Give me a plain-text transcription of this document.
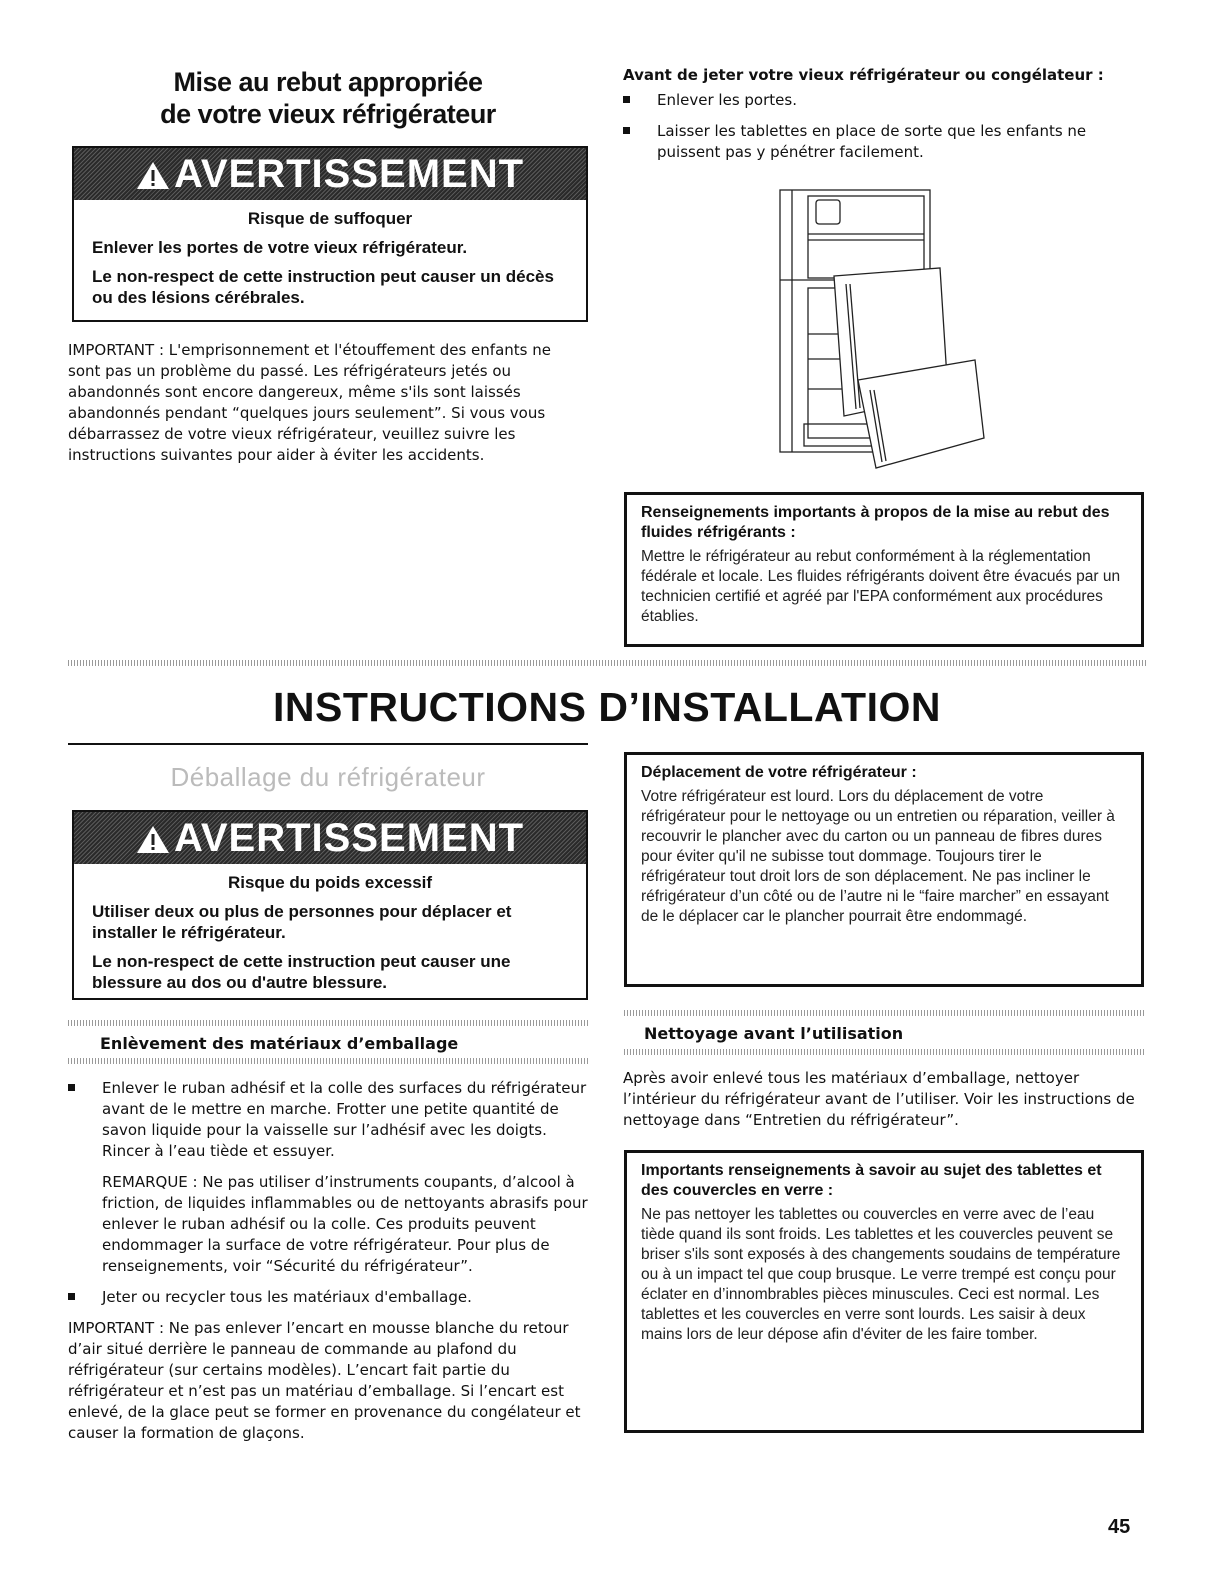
Mise au rebut appropriée
de votre vieux réfrigérateur
AVERTISSEMENT
Risque de suffoquer

Enlever les portes de votre vieux réfrigérateur.

Le non-respect de cette instruction peut causer un décès ou des lésions cérébrales.

IMPORTANT : L'emprisonnement et l'étouffement des enfants ne sont pas un problème du passé. Les réfrigérateurs jetés ou abandonnés sont encore dangereux, même s'ils sont laissés abandonnés pendant “quelques jours seulement”. Si vous vous débarrassez de votre vieux réfrigérateur, veuillez suivre les instructions suivantes pour aider à éviter les accidents.
Avant de jeter votre vieux réfrigérateur ou congélateur :
Enlever les portes.
Laisser les tablettes en place de sorte que les enfants ne puissent pas y pénétrer facilement.
Renseignements importants à propos de la mise au rebut des fluides réfrigérants :
Mettre le réfrigérateur au rebut conformément à la réglementation fédérale et locale. Les fluides réfrigérants doivent être évacués par un technicien certifié et agréé par l'EPA conformément aux procédures établies.
INSTRUCTIONS D’INSTALLATION
Déballage du réfrigérateur
AVERTISSEMENT
Risque du poids excessif

Utiliser deux ou plus de personnes pour déplacer et installer le réfrigérateur.

Le non-respect de cette instruction peut causer une blessure au dos ou d'autre blessure.

Enlèvement des matériaux d’emballage
Enlever le ruban adhésif et la colle des surfaces du réfrigérateur avant de le mettre en marche. Frotter une petite quantité de savon liquide pour la vaisselle sur l’adhésif avec les doigts. Rincer à l’eau tiède et essuyer.
REMARQUE : Ne pas utiliser d’instruments coupants, d’alcool à friction, de liquides inflammables ou de nettoyants abrasifs pour enlever le ruban adhésif ou la colle. Ces produits peuvent endommager la surface de votre réfrigérateur. Pour plus de renseignements, voir “Sécurité du réfrigérateur”.
Jeter ou recycler tous les matériaux d'emballage.
IMPORTANT : Ne pas enlever l’encart en mousse blanche du retour d’air situé derrière le panneau de commande au plafond du réfrigérateur (sur certains modèles). L’encart fait partie du réfrigérateur et n’est pas un matériau d’emballage. Si l’encart est enlevé, de la glace peut se former en provenance du congélateur et causer la formation de glaçons.
Déplacement de votre réfrigérateur :
Votre réfrigérateur est lourd. Lors du déplacement de votre réfrigérateur pour le nettoyage ou un entretien ou réparation, veiller à recouvrir le plancher avec du carton ou un panneau de fibres dures pour éviter qu'il ne subisse tout dommage. Toujours tirer le réfrigérateur tout droit lors de son déplacement. Ne pas incliner le réfrigérateur d’un côté ou de l’autre ni le “faire marcher” en essayant de le déplacer car le plancher pourrait être endommagé.
Nettoyage avant l’utilisation
Après avoir enlevé tous les matériaux d’emballage, nettoyer l’intérieur du réfrigérateur avant de l’utiliser. Voir les instructions de nettoyage dans “Entretien du réfrigérateur”.
Importants renseignements à savoir au sujet des tablettes et des couvercles en verre :
Ne pas nettoyer les tablettes ou couvercles en verre avec de l’eau tiède quand ils sont froids. Les tablettes et les couvercles peuvent se briser s'ils sont exposés à des changements soudains de température ou à un impact tel que coup brusque. Le verre trempé est conçu pour éclater en d’innombrables pièces minuscules. Ceci est normal. Les tablettes et les couvercles en verre sont lourds. Les saisir à deux mains lors de leur dépose afin d'éviter de les faire tomber.
45
